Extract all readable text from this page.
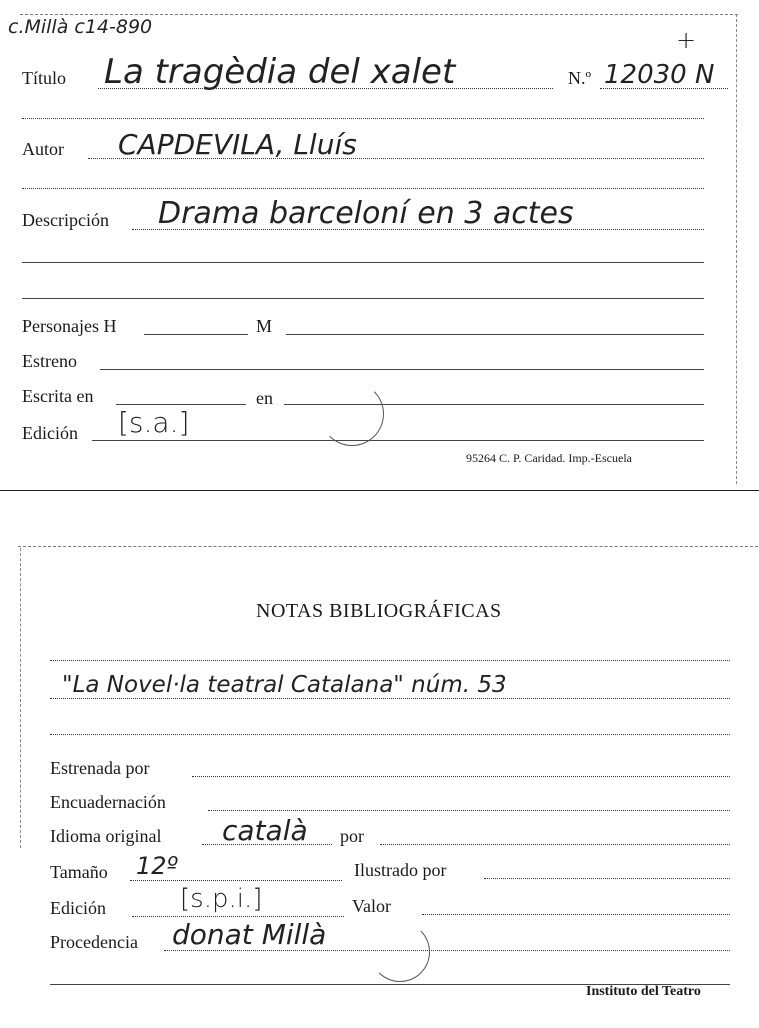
c.Millà c14-890	+
Título La tragèdia del xalet	N.º 12030 N
Autor CAPDEVILA, Lluís
Descripción Drama barceloní en 3 actes
Personajes H	M
Estreno
Escrita en	en
Edición [s.a.]
95264 C. P. Caridad. Imp.-Escuela
NOTAS BIBLIOGRÁFICAS
"La Novel·la teatral Catalana" núm. 53
Estrenada por
Encuadernación
Idioma original català por
Tamaño 12º	Ilustrado por
Edición	[s.p.i.]	Valor
Procedencia donat Millà
Instituto del Teatro
